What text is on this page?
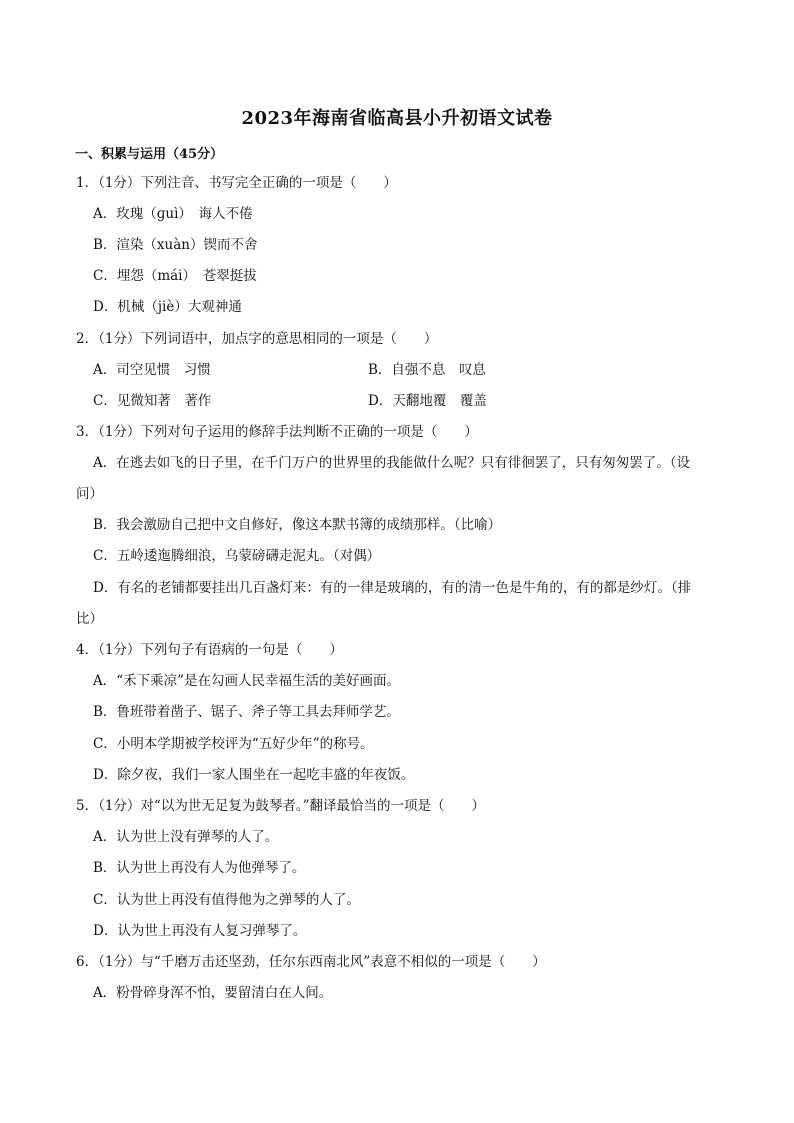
2023年海南省临高县小升初语文试卷
一、积累与运用（45分）
1．（1分）下列注音、书写完全正确的一项是（　　）
A．玫瑰（ɡuì）　诲人不倦
B．渲染（xuàn）锲而不舍
C．埋怨（mái）　苍翠挺拔
D．机械（jiè）大观神通
2．（1分）下列词语中，加点字的意思相同的一项是（　　）
A．司空见惯　习惯	B．自强不息　叹息
C．见微知著　著作	D．天翻地覆　覆盖
3．（1分）下列对句子运用的修辞手法判断不正确的一项是（　　）
A．在逃去如飞的日子里，在千门万户的世界里的我能做什么呢？只有徘徊罢了，只有匆匆罢了。（设
问）
B．我会激励自己把中文自修好，像这本默书簿的成绩那样。（比喻）
C．五岭逶迤腾细浪，乌蒙磅礴走泥丸。（对偶）
D．有名的老铺都要挂出几百盏灯来：有的一律是玻璃的，有的清一色是牛角的，有的都是纱灯。（排
比）
4．（1分）下列句子有语病的一句是（　　）
A．“禾下乘凉”是在勾画人民幸福生活的美好画面。
B．鲁班带着凿子、锯子、斧子等工具去拜师学艺。
C．小明本学期被学校评为“五好少年”的称号。
D．除夕夜，我们一家人围坐在一起吃丰盛的年夜饭。
5．（1分）对“以为世无足复为鼓琴者。”翻译最恰当的一项是（　　）
A．认为世上没有弹琴的人了。
B．认为世上再没有人为他弹琴了。
C．认为世上再没有值得他为之弹琴的人了。
D．认为世上再没有人复习弹琴了。
6．（1分）与“千磨万击还坚劲，任尔东西南北风”表意不相似的一项是（　　）
A．粉骨碎身浑不怕，要留清白在人间。
